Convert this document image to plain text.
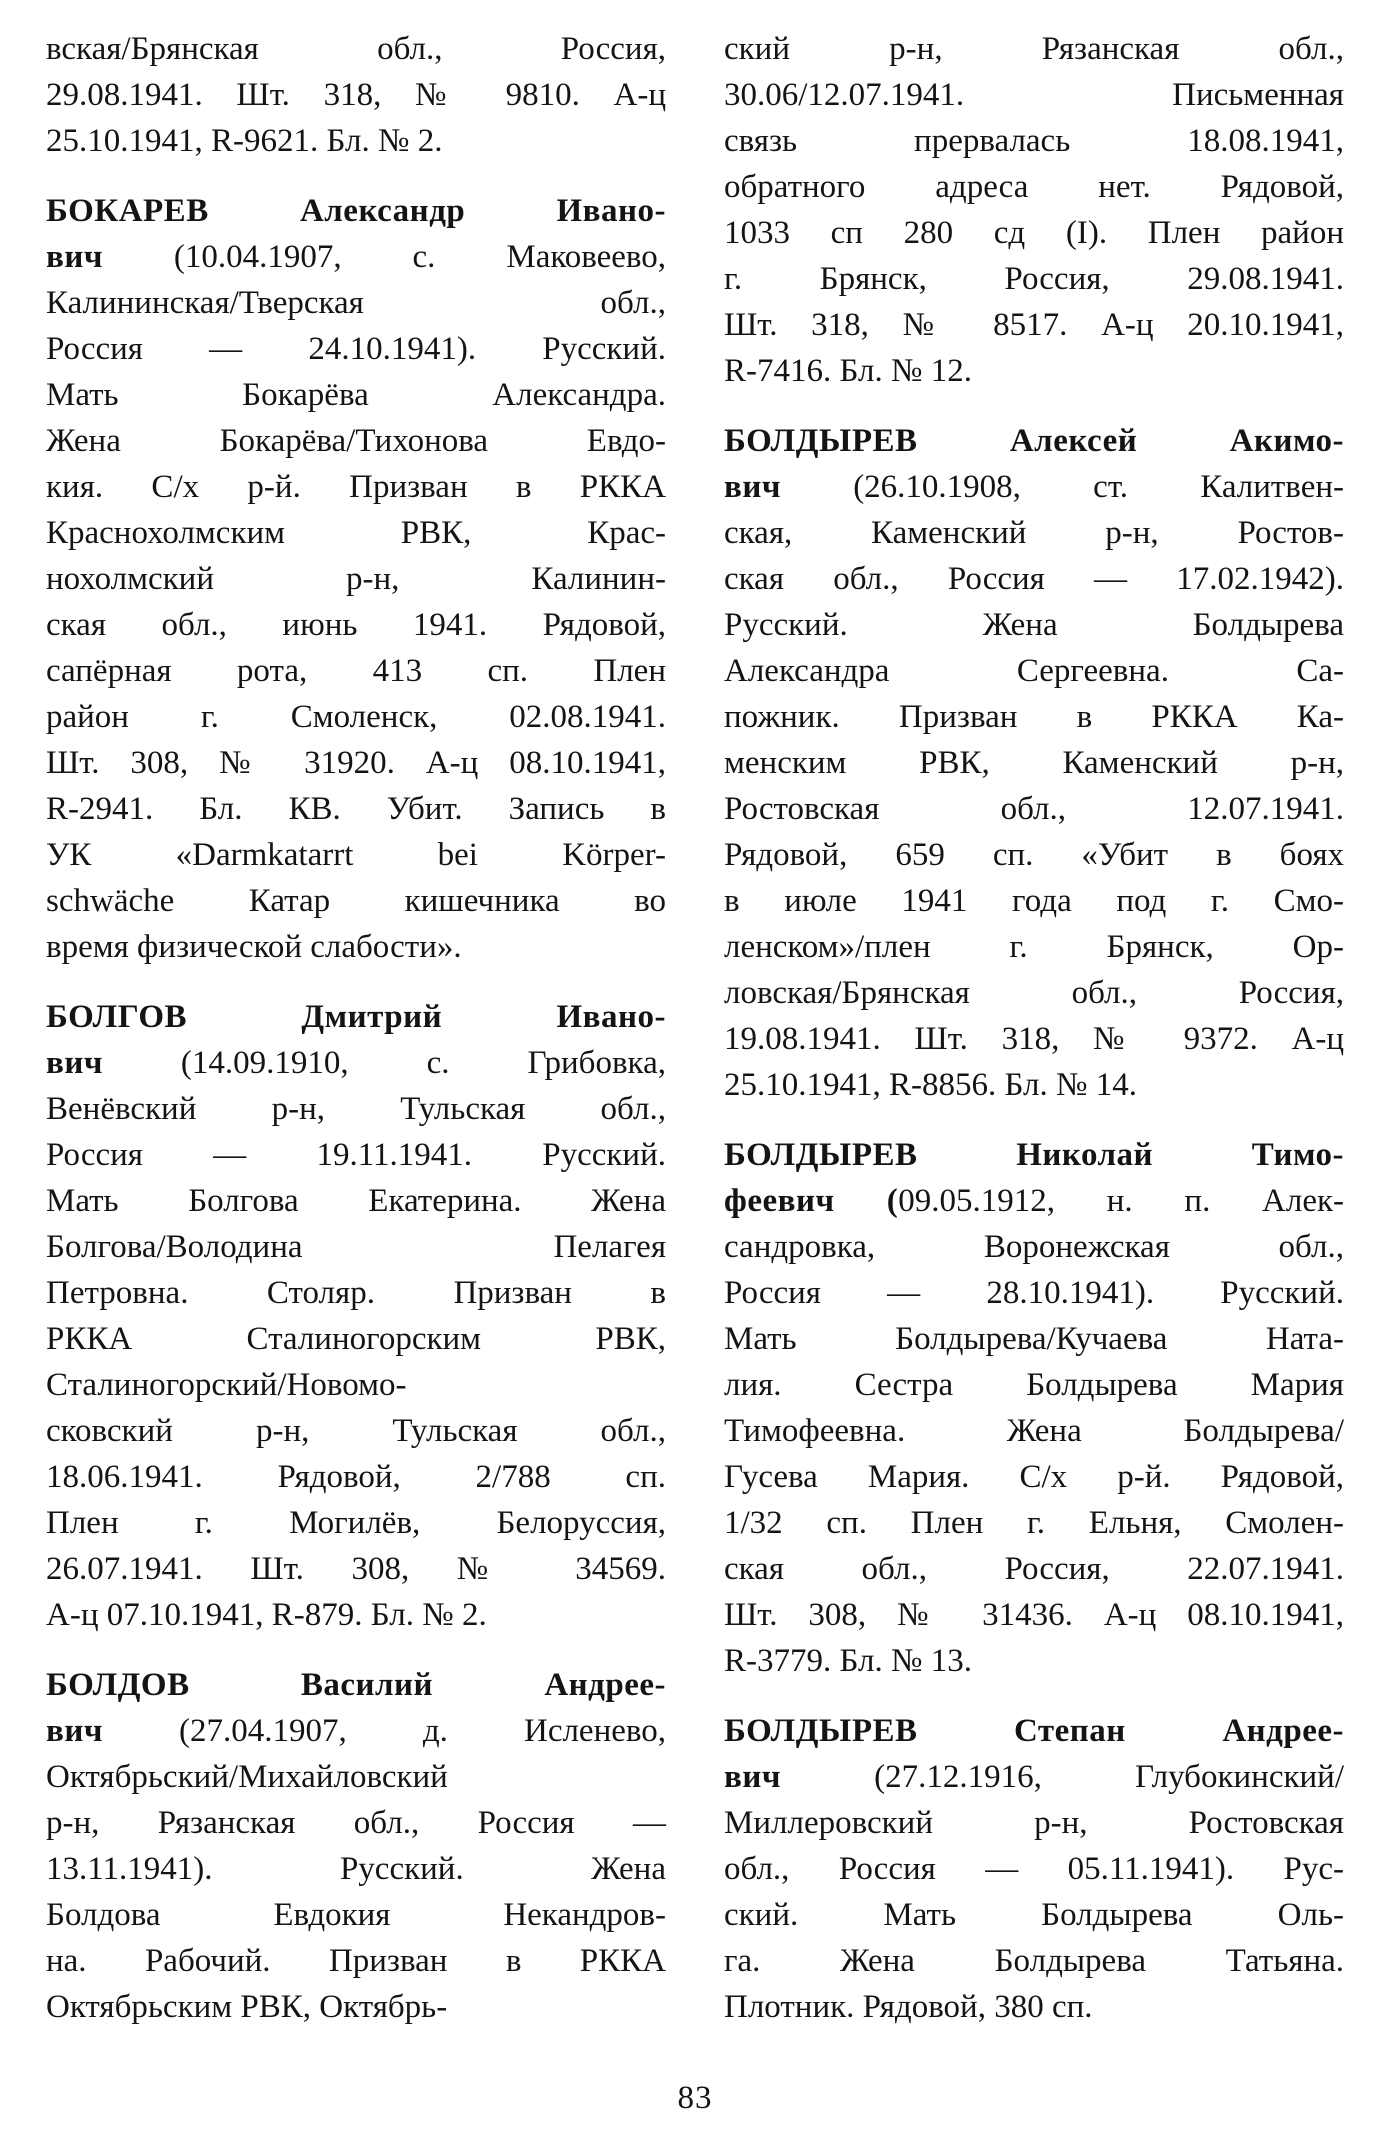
вская/Брянская обл., Россия,
29.08.1941. Шт. 318, № 9810. А-ц
25.10.1941, R-9621. Бл. № 2.
БОКАРЕВ Александр Ивано-
вич (10.04.1907, с. Маковеево,
Калининская/Тверская обл.,
Россия — 24.10.1941). Русский.
Мать Бокарёва Александра.
Жена Бокарёва/Тихонова Евдо-
кия. С/х р-й. Призван в РККА
Краснохолмским РВК, Крас-
нохолмский р-н, Калинин-
ская обл., июнь 1941. Рядовой,
сапёрная рота, 413 сп. Плен
район г. Смоленск, 02.08.1941.
Шт. 308, № 31920. А-ц 08.10.1941,
R-2941. Бл. КВ. Убит. Запись в
УК «Darmkatarrt bei Körper-
schwäche Катар кишечника во
время физической слабости».
БОЛГОВ Дмитрий Ивано-
вич (14.09.1910, с. Грибовка,
Венёвский р-н, Тульская обл.,
Россия — 19.11.1941. Русский.
Мать Болгова Екатерина. Жена
Болгова/Володина Пелагея
Петровна. Столяр. Призван в
РККА Сталиногорским РВК,
Сталиногорский/Новомо-
сковский р-н, Тульская обл.,
18.06.1941. Рядовой, 2/788 сп.
Плен г. Могилёв, Белоруссия,
26.07.1941. Шт. 308, № 34569.
А-ц 07.10.1941, R-879. Бл. № 2.
БОЛДОВ Василий Андрее-
вич (27.04.1907, д. Исленево,
Октябрьский/Михайловский
р-н, Рязанская обл., Россия —
13.11.1941). Русский. Жена
Болдова Евдокия Некандров-
на. Рабочий. Призван в РККА
Октябрьским РВК, Октябрь-
ский р-н, Рязанская обл.,
30.06/12.07.1941. Письменная
связь прервалась 18.08.1941,
обратного адреса нет. Рядовой,
1033 сп 280 сд (I). Плен район
г. Брянск, Россия, 29.08.1941.
Шт. 318, № 8517. А-ц 20.10.1941,
R-7416. Бл. № 12.
БОЛДЫРЕВ Алексей Акимо-
вич (26.10.1908, ст. Калитвен-
ская, Каменский р-н, Ростов-
ская обл., Россия — 17.02.1942).
Русский. Жена Болдырева
Александра Сергеевна. Са-
пожник. Призван в РККА Ка-
менским РВК, Каменский р-н,
Ростовская обл., 12.07.1941.
Рядовой, 659 сп. «Убит в боях
в июле 1941 года под г. Смо-
ленском»/плен г. Брянск, Ор-
ловская/Брянская обл., Россия,
19.08.1941. Шт. 318, № 9372. А-ц
25.10.1941, R-8856. Бл. № 14.
БОЛДЫРЕВ Николай Тимо-
феевич (09.05.1912, н. п. Алек-
сандровка, Воронежская обл.,
Россия — 28.10.1941). Русский.
Мать Болдырева/Кучаева Ната-
лия. Сестра Болдырева Мария
Тимофеевна. Жена Болдырева/
Гусева Мария. С/х р-й. Рядовой,
1/32 сп. Плен г. Ельня, Смолен-
ская обл., Россия, 22.07.1941.
Шт. 308, № 31436. А-ц 08.10.1941,
R-3779. Бл. № 13.
БОЛДЫРЕВ Степан Андрее-
вич (27.12.1916, Глубокинский/
Миллеровский р-н, Ростовская
обл., Россия — 05.11.1941). Рус-
ский. Мать Болдырева Оль-
га. Жена Болдырева Татьяна.
Плотник. Рядовой, 380 сп.
83
